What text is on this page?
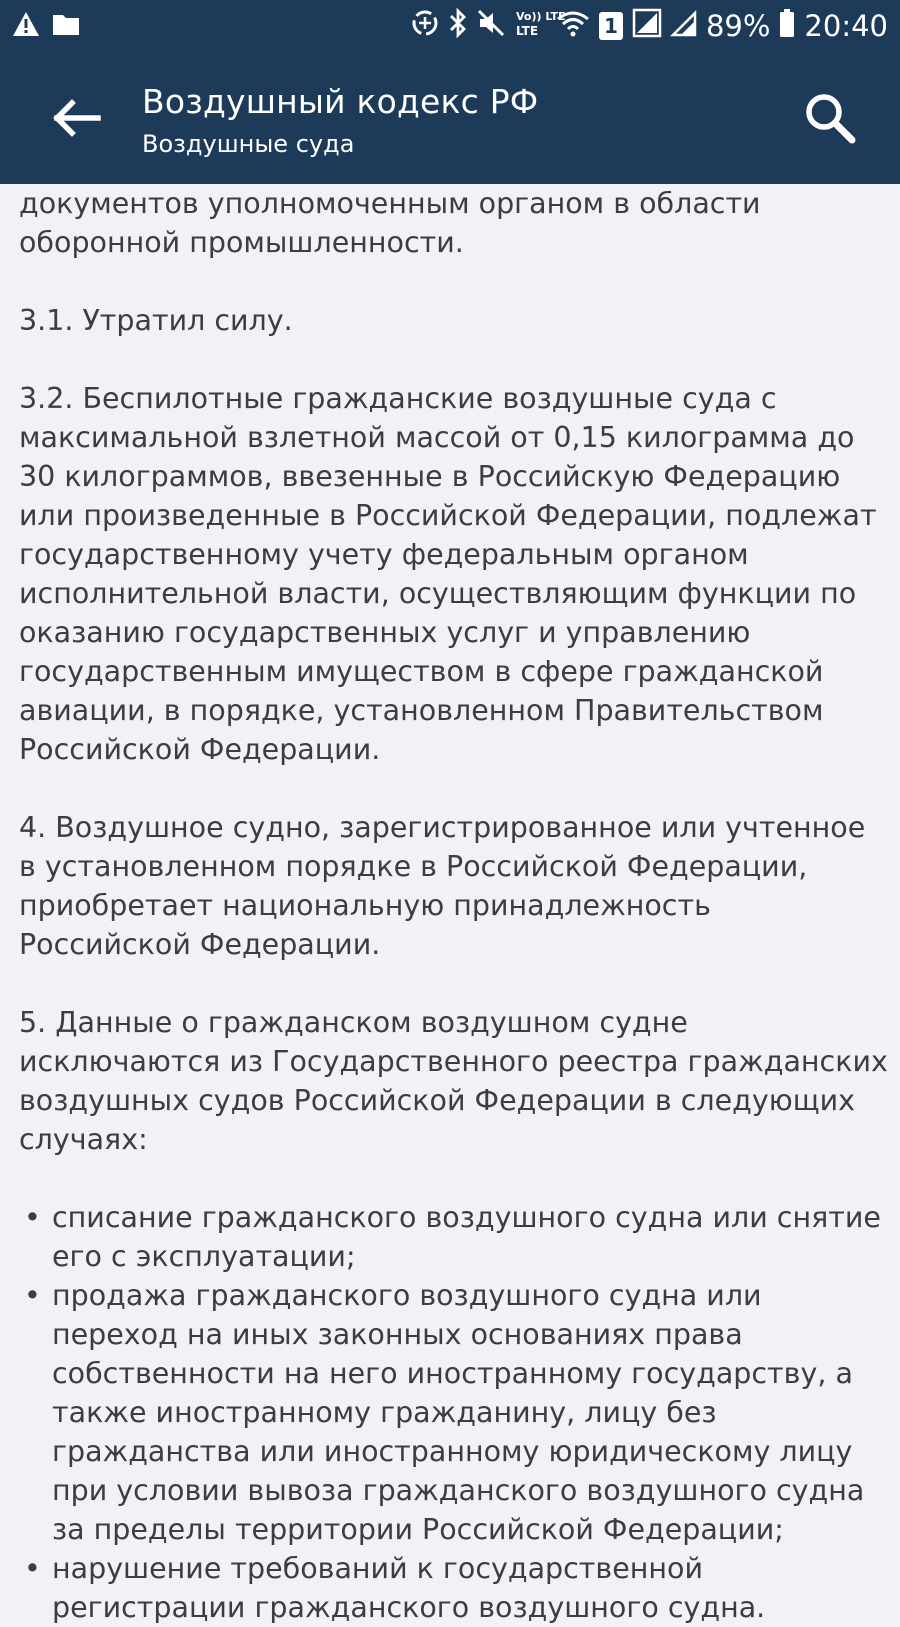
Vo)) LTE
LTE	1	89% 20:40
Воздушный кодекс РФ
Воздушные суда

документов уполномоченным органом в области оборонной промышленности.

3.1. Утратил силу.

3.2. Беспилотные гражданские воздушные суда с максимальной взлетной массой от 0,15 килограмма до 30 килограммов, ввезенные в Российскую Федерацию или произведенные в Российской Федерации, подлежат государственному учету федеральным органом исполнительной власти, осуществляющим функции по оказанию государственных услуг и управлению государственным имуществом в сфере гражданской авиации, в порядке, установленном Правительством Российской Федерации.

4. Воздушное судно, зарегистрированное или учтенное в установленном порядке в Российской Федерации, приобретает национальную принадлежность Российской Федерации.

5. Данные о гражданском воздушном судне исключаются из Государственного реестра гражданских воздушных судов Российской Федерации в следующих случаях:

• списание гражданского воздушного судна или снятие его с эксплуатации;
• продажа гражданского воздушного судна или переход на иных законных основаниях права собственности на него иностранному государству, а также иностранному гражданину, лицу без гражданства или иностранному юридическому лицу при условии вывоза гражданского воздушного судна за пределы территории Российской Федерации;
• нарушение требований к государственной регистрации гражданского воздушного судна.
